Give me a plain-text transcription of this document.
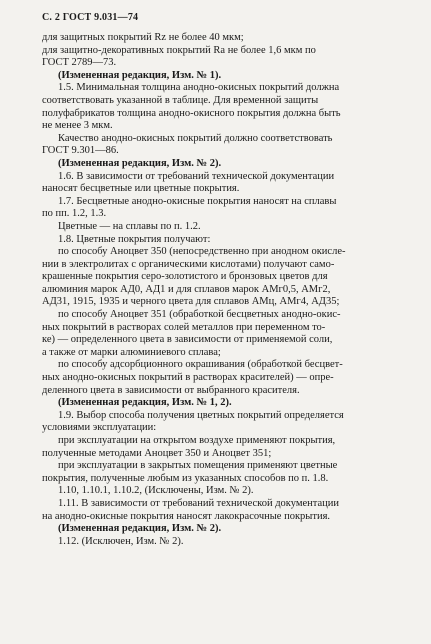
С. 2 ГОСТ 9.031—74
для защитных покрытий Rz не более 40 мкм;
для защитно-декоративных покрытий Ra не более 1,6 мкм по
ГОСТ 2789—73.
(Измененная редакция, Изм. № 1).
1.5. Минимальная толщина анодно-окисных покрытий должна
соответствовать указанной в таблице. Для временной защиты
полуфабрикатов толщина анодно-окисного покрытия должна быть
не менее 3 мкм.
Качество анодно-окисных покрытий должно соответствовать
ГОСТ 9.301—86.
(Измененная редакция, Изм. № 2).
1.6. В зависимости от требований технической документации
наносят бесцветные или цветные покрытия.
1.7. Бесцветные анодно-окисные покрытия наносят на сплавы
по пп. 1.2, 1.3.
Цветные — на сплавы по п. 1.2.
1.8. Цветные покрытия получают:
по способу Аноцвет 350 (непосредственно при анодном окисле-
нии в электролитах с органическими кислотами) получают само-
крашенные покрытия серо-золотистого и бронзовых цветов для
алюминия марок АД0, АД1 и для сплавов марок АМг0,5, АМг2,
АД31, 1915, 1935 и черного цвета для сплавов АМц, АМг4, АД35;
по способу Аноцвет 351 (обработкой бесцветных анодно-окис-
ных покрытий в растворах солей металлов при переменном то-
ке) — определенного цвета в зависимости от применяемой соли,
а также от марки алюминиевого сплава;
по способу адсорбционного окрашивания (обработкой бесцвет-
ных анодно-окисных покрытий в растворах красителей) — опре-
деленного цвета в зависимости от выбранного красителя.
(Измененная редакция, Изм. № 1, 2).
1.9. Выбор способа получения цветных покрытий определяется
условиями эксплуатации:
при эксплуатации на открытом воздухе применяют покрытия,
полученные методами Аноцвет 350 и Аноцвет 351;
при эксплуатации в закрытых помещения применяют цветные
покрытия, полученные любым из указанных способов по п. 1.8.
1.10, 1.10.1, 1.10.2, (Исключены, Изм. № 2).
1.11. В зависимости от требований технической документации
на анодно-окисные покрытия наносят лакокрасочные покрытия.
(Измененная редакция, Изм. № 2).
1.12. (Исключен, Изм. № 2).
